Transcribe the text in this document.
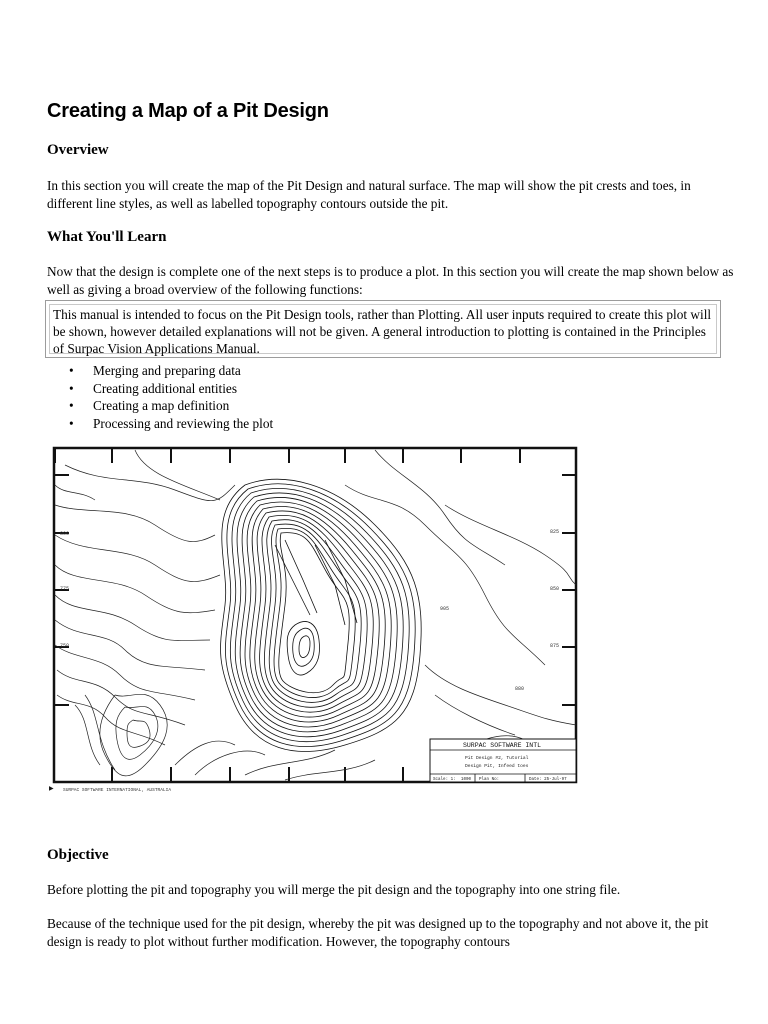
Creating a Map of a Pit Design
Overview

In this section you will create the map of the Pit Design and natural surface. The map will show the pit crests and toes, in different line styles, as well as labelled topography contours outside the pit.

What You'll Learn

Now that the design is complete one of the next steps is to produce a plot. In this section you will create the map shown below as well as giving a broad overview of the following functions:

This manual is intended to focus on the Pit Design tools, rather than Plotting. All user inputs required to create this plot will be shown, however detailed explanations will not be given. A general introduction to plotting is contained in the Principles of Surpac Vision Applications Manual.
• Merging and preparing data
• Creating additional entities
• Creating a map definition
• Processing and reviewing the plot
905
880
800
775
750
825
850
875
SURPAC SOFTWARE INTL
Pit Design #2, Tutorial
Design Pit, Infeed toes
Scale: 1: 1000 Plan No:	Date: 25-Jul-97
SURPAC SOFTWARE INTERNATIONAL, AUSTRALIA
▶
Objective

Before plotting the pit and topography you will merge the pit design and the topography into one string file.

Because of the technique used for the pit design, whereby the pit was designed up to the topography and not above it, the pit design is ready to plot without further modification. However, the topography contours
